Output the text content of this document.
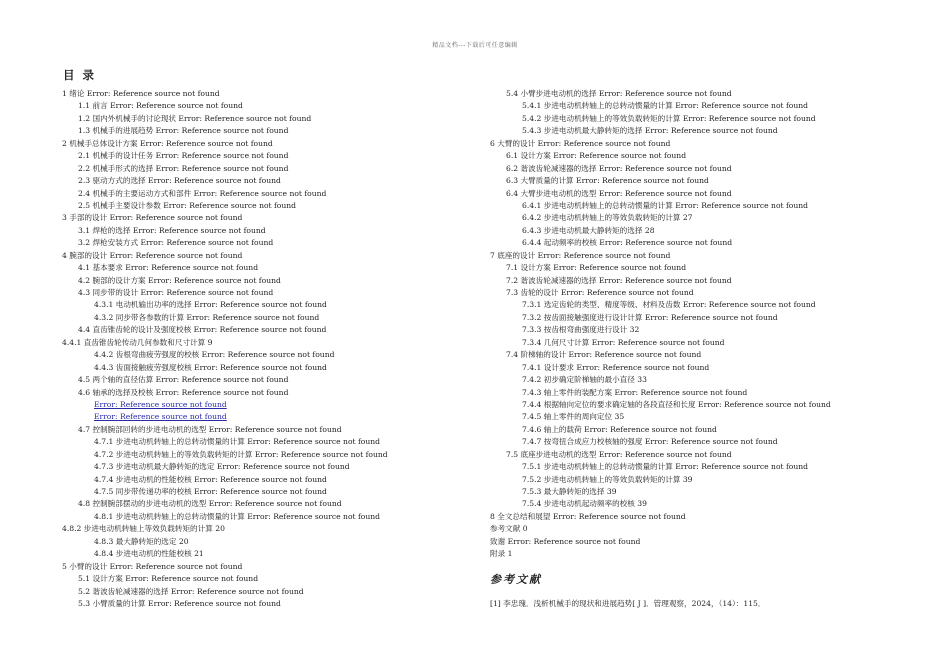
精品文档---下载后可任意编辑
目 录
1 绪论 Error: Reference source not found
1.1 前言 Error: Reference source not found
1.2 国内外机械手的讨论现状 Error: Reference source not found
1.3 机械手的进展趋势 Error: Reference source not found
2 机械手总体设计方案 Error: Reference source not found
2.1 机械手的设计任务 Error: Reference source not found
2.2 机械手形式的选择 Error: Reference source not found
2.3 驱动方式的选择 Error: Reference source not found
2.4 机械手的主要运动方式和部件 Error: Reference source not found
2.5 机械手主要设计参数 Error: Reference source not found
3 手部的设计 Error: Reference source not found
3.1 焊枪的选择 Error: Reference source not found
3.2 焊枪安装方式 Error: Reference source not found
4 腕部的设计 Error: Reference source not found
4.1 基本要求 Error: Reference source not found
4.2 腕部的设计方案 Error: Reference source not found
4.3 同步带的设计 Error: Reference source not found
4.3.1 电动机输出功率的选择 Error: Reference source not found
4.3.2 同步带各参数的计算 Error: Reference source not found
4.4 直齿锥齿轮的设计及强度校核 Error: Reference source not found
4.4.1 直齿锥齿轮传动几何参数和尺寸计算 9
4.4.2 齿根弯曲疲劳强度的校核 Error: Reference source not found
4.4.3 齿面接触疲劳强度校核 Error: Reference source not found
4.5 两个轴的直径估算 Error: Reference source not found
4.6 轴承的选择及校核 Error: Reference source not found
Error: Reference source not found
Error: Reference source not found
4.7 控制腕部回转的步进电动机的选型 Error: Reference source not found
4.7.1 步进电动机转轴上的总转动惯量的计算 Error: Reference source not found
4.7.2 步进电动机转轴上的等效负载转矩的计算 Error: Reference source not found
4.7.3 步进电动机最大静转矩的选定 Error: Reference source not found
4.7.4 步进电动机的性能校核 Error: Reference source not found
4.7.5 同步带传递功率的校核 Error: Reference source not found
4.8 控制腕部摆动的步进电动机的选型 Error: Reference source not found
4.8.1 步进电动机转轴上的总转动惯量的计算 Error: Reference source not found
4.8.2 步进电动机转轴上等效负载转矩的计算 20
4.8.3 最大静转矩的选定 20
4.8.4 步进电动机的性能校核 21
5 小臂的设计 Error: Reference source not found
5.1 设计方案 Error: Reference source not found
5.2 谐波齿轮减速器的选择 Error: Reference source not found
5.3 小臂质量的计算 Error: Reference source not found
5.4 小臂步进电动机的选择 Error: Reference source not found
5.4.1 步进电动机转轴上的总转动惯量的计算 Error: Reference source not found
5.4.2 步进电动机转轴上的等效负载转矩的计算 Error: Reference source not found
5.4.3 步进电动机最大静转矩的选择 Error: Reference source not found
6 大臂的设计 Error: Reference source not found
6.1 设计方案 Error: Reference source not found
6.2 谐波齿轮减速器的选择 Error: Reference source not found
6.3 大臂质量的计算 Error: Reference source not found
6.4 大臂步进电动机的选型 Error: Reference source not found
6.4.1 步进电动机转轴上的总转动惯量的计算 Error: Reference source not found
6.4.2 步进电动机转轴上的等效负载转矩的计算 27
6.4.3 步进电动机最大静转矩的选择 28
6.4.4 起动频率的校核 Error: Reference source not found
7 底座的设计 Error: Reference source not found
7.1 设计方案 Error: Reference source not found
7.2 谐波齿轮减速器的选择 Error: Reference source not found
7.3 齿轮的设计 Error: Reference source not found
7.3.1 选定齿轮的类型、精度等级、材料及齿数 Error: Reference source not found
7.3.2 按齿面接触强度进行设计计算 Error: Reference source not found
7.3.3 按齿根弯曲强度进行设计 32
7.3.4 几何尺寸计算 Error: Reference source not found
7.4 阶梯轴的设计 Error: Reference source not found
7.4.1 设计要求 Error: Reference source not found
7.4.2 初步确定阶梯轴的最小直径 33
7.4.3 轴上零件的装配方案 Error: Reference source not found
7.4.4 根据轴向定位的要求确定轴的各段直径和长度 Error: Reference source not found
7.4.5 轴上零件的周向定位 35
7.4.6 轴上的载荷 Error: Reference source not found
7.4.7 按弯扭合成应力校核轴的强度 Error: Reference source not found
7.5 底座步进电动机的选型 Error: Reference source not found
7.5.1 步进电动机转轴上的总转动惯量的计算 Error: Reference source not found
7.5.2 步进电动机转轴上的等效负载转矩的计算 39
7.5.3 最大静转矩的选择 39
7.5.4 步进电动机起动频率的校核 39
8 全文总结和展望 Error: Reference source not found
参考文献 0
致谢 Error: Reference source not found
附录 1
参考文献
[1] 李忠瑰．浅析机械手的现状和进展趋势[ J ]．管理观察，2024，（14）：115．
